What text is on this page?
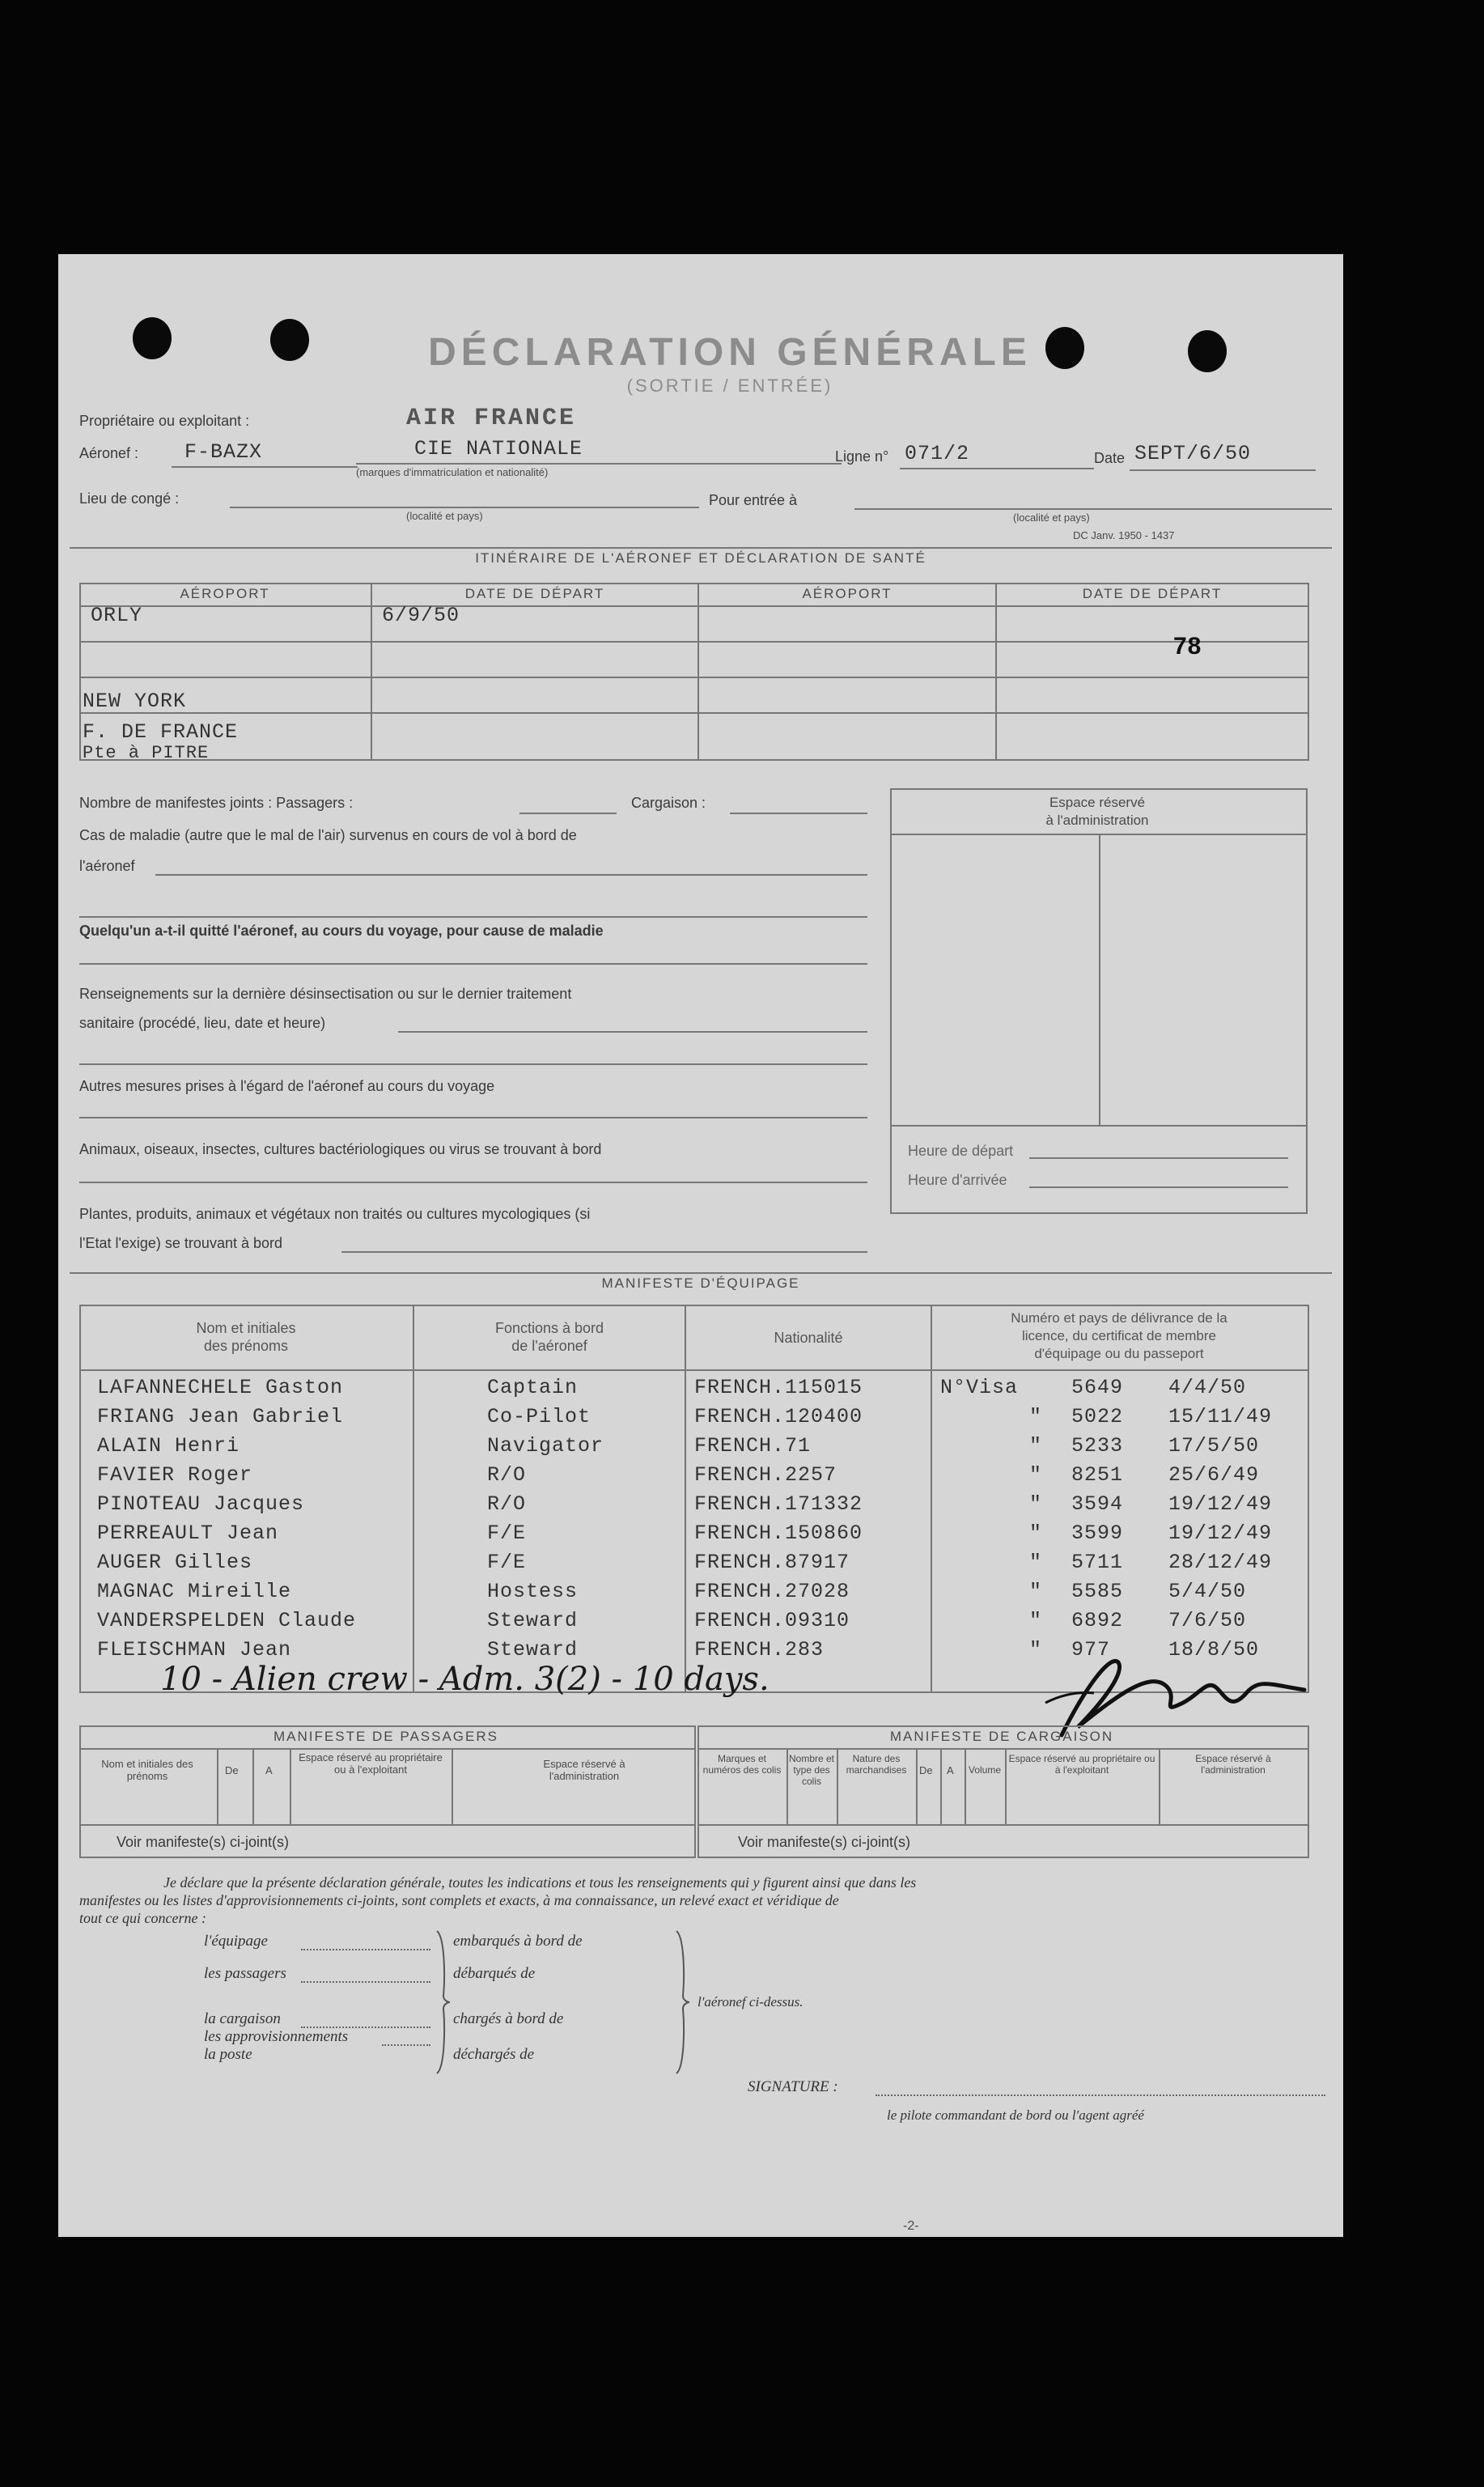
DÉCLARATION GÉNÉRALE
(SORTIE / ENTRÉE)
Propriétaire ou exploitant :	AIR FRANCE
Aéronef : F-BAZX	CIE NATIONALE
(marques d'immatriculation et nationalité)
Ligne n° 071/2	Date SEPT/6/50
Lieu de congé :
(localité et pays)
Pour entrée à
(localité et pays)
DC Janv. 1950 - 1437
ITINÉRAIRE DE L'AÉRONEF ET DÉCLARATION DE SANTÉ
AÉROPORT	DATE DE DÉPART	AÉROPORT	DATE DE DÉPART
ORLY	6/9/50
78
NEW YORK
F. DE FRANCE
Pte à PITRE
Nombre de manifestes joints : Passagers :	Cargaison :
Cas de maladie (autre que le mal de l'air) survenus en cours de vol à bord de
l'aéronef
Quelqu'un a-t-il quitté l'aéronef, au cours du voyage, pour cause de maladie
Renseignements sur la dernière désinsectisation ou sur le dernier traitement
sanitaire (procédé, lieu, date et heure)
Autres mesures prises à l'égard de l'aéronef au cours du voyage
Animaux, oiseaux, insectes, cultures bactériologiques ou virus se trouvant à bord
Plantes, produits, animaux et végétaux non traités ou cultures mycologiques (si
l'Etat l'exige) se trouvant à bord
Espace réservé
à l'administration
Heure de départ
Heure d'arrivée
MANIFESTE D'ÉQUIPAGE
Nom et initiales
des prénoms
Fonctions à bord
de l'aéronef	Nationalité
Numéro et pays de délivrance de la
licence, du certificat de membre
d'équipage ou du passeport
LAFANNECHELE Gaston	Captain	FRENCH.115015	N°Visa	5649 4/4/50
FRIANG Jean Gabriel	Co-Pilot	FRENCH.120400	" 5022 15/11/49
ALAIN Henri	Navigator	FRENCH.71	" 5233 17/5/50
FAVIER Roger	R/O	FRENCH.2257	" 8251 25/6/49
PINOTEAU Jacques	R/O	FRENCH.171332	" 3594 19/12/49
PERREAULT Jean	F/E	FRENCH.150860	" 3599 19/12/49
AUGER Gilles	F/E	FRENCH.87917	" 5711 28/12/49
MAGNAC Mireille	Hostess	FRENCH.27028	" 5585 5/4/50
VANDERSPELDEN Claude	Steward	FRENCH.09310	" 6892 7/6/50
FLEISCHMAN Jean	Steward	FRENCH.283	" 977	18/8/50
10 - Alien crew - Adm. 3(2) - 10 days.
MANIFESTE DE PASSAGERS
Nom et initiales des prénoms	De	A
Espace réservé au propriétaire ou à l'exploitant	Espace réservé à l'administration
Voir manifeste(s) ci-joint(s)
MANIFESTE DE CARGAISON
Marques et numéros des colis
Nombre et type des colis
Nature des marchandises	De A Volume
Espace réservé au propriétaire ou à l'exploitant
Espace réservé à l'administration
Voir manifeste(s) ci-joint(s)
Je déclare que la présente déclaration générale, toutes les indications et tous les renseignements qui y figurent ainsi que dans les
manifestes ou les listes d'approvisionnements ci-joints, sont complets et exacts, à ma connaissance, un relevé exact et véridique de
tout ce qui concerne :
l'équipage
les passagers
la cargaison
les approvisionnements
la poste
embarqués à bord de
débarqués de
chargés à bord de
déchargés de
l'aéronef ci-dessus.
SIGNATURE :
le pilote commandant de bord ou l'agent agréé
-2-
